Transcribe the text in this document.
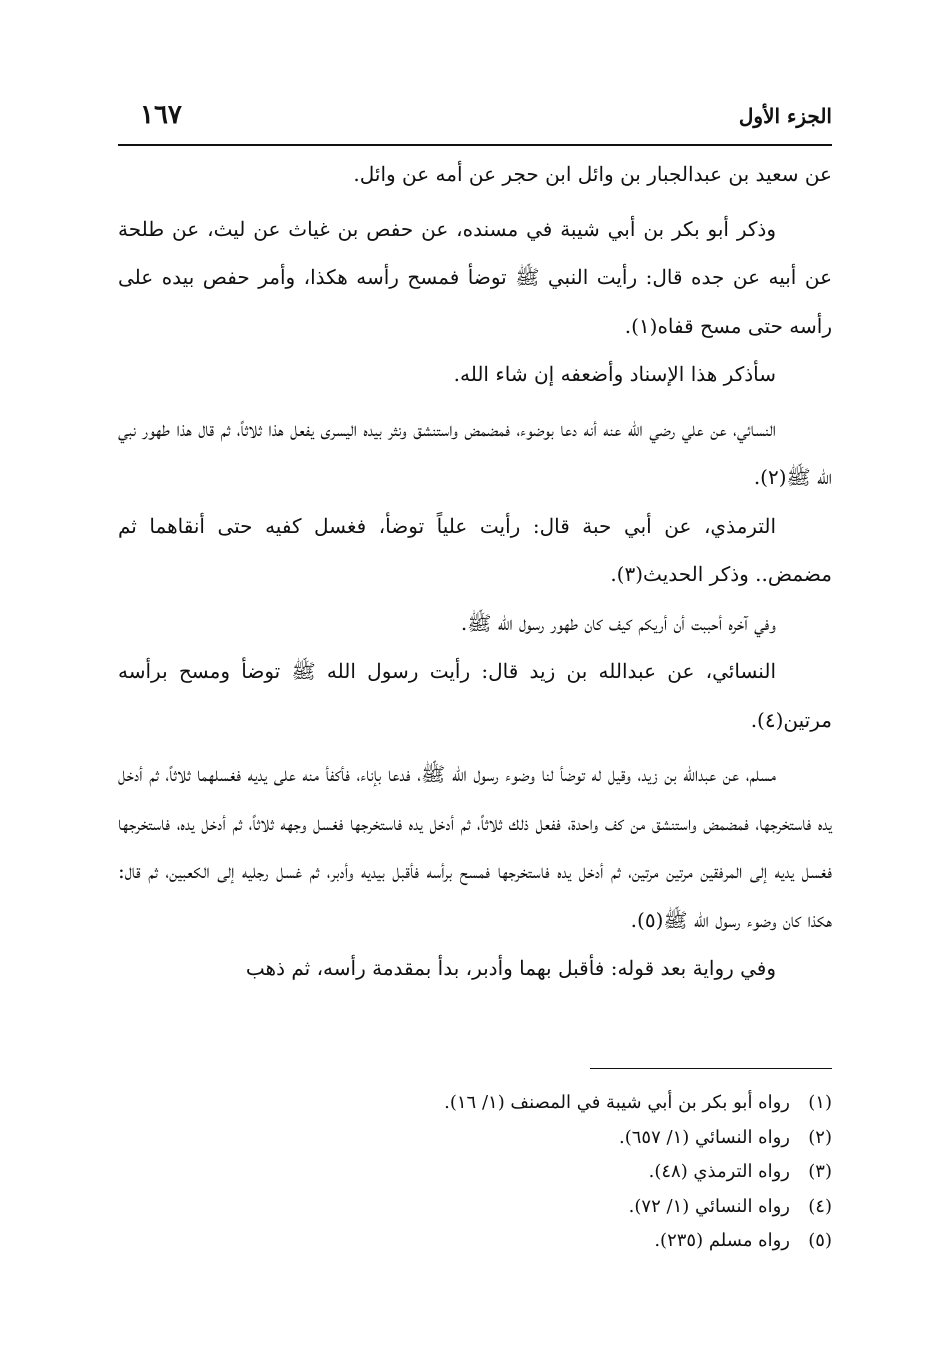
١٦٧	الجزء الأول

عن سعيد بن عبدالجبار بن وائل ابن حجر عن أمه عن وائل.

وذكر أبو بكر بن أبي شيبة في مسنده، عن حفص بن غياث عن ليث، عن طلحة عن أبيه عن جده قال: رأيت النبي ﷺ توضأ فمسح رأسه هكذا، وأمر حفص بيده على رأسه حتى مسح قفاه(١).

سأذكر هذا الإسناد وأضعفه إن شاء الله.

النسائي، عن علي رضي الله عنه أنه دعا بوضوء، فمضمض واستنشق ونثر بيده اليسرى يفعل هذا ثلاثاً، ثم قال هذا طهور نبي الله ﷺ(٢).

الترمذي، عن أبي حبة قال: رأيت علياً توضأ، فغسل كفيه حتى أنقاهما ثم مضمض.. وذكر الحديث(٣).

وفي آخره أحببت أن أريكم كيف كان طهور رسول الله ﷺ.

النسائي، عن عبدالله بن زيد قال: رأيت رسول الله ﷺ توضأ ومسح برأسه مرتين(٤).

مسلم، عن عبدالله بن زيد، وقيل له توضأ لنا وضوء رسول الله ﷺ، فدعا بإناء، فأكفأ منه على يديه فغسلهما ثلاثاً، ثم أدخل يده فاستخرجها، فمضمض واستنشق من كف واحدة، ففعل ذلك ثلاثاً، ثم أدخل يده فاستخرجها فغسل وجهه ثلاثاً، ثم أدخل يده، فاستخرجها فغسل يديه إلى المرفقين مرتين مرتين، ثم أدخل يده فاستخرجها فمسح برأسه فأقبل بيديه وأدبر، ثم غسل رجليه إلى الكعبين، ثم قال: هكذا كان وضوء رسول الله ﷺ(٥).

وفي رواية بعد قوله: فأقبل بهما وأدبر، بدأ بمقدمة رأسه، ثم ذهب

(١)رواه أبو بكر بن أبي شيبة في المصنف (١/ ١٦).
(٢)رواه النسائي (١/ ٦٥٧).
(٣)رواه الترمذي (٤٨).
(٤)رواه النسائي (١/ ٧٢).
(٥)رواه مسلم (٢٣٥).
